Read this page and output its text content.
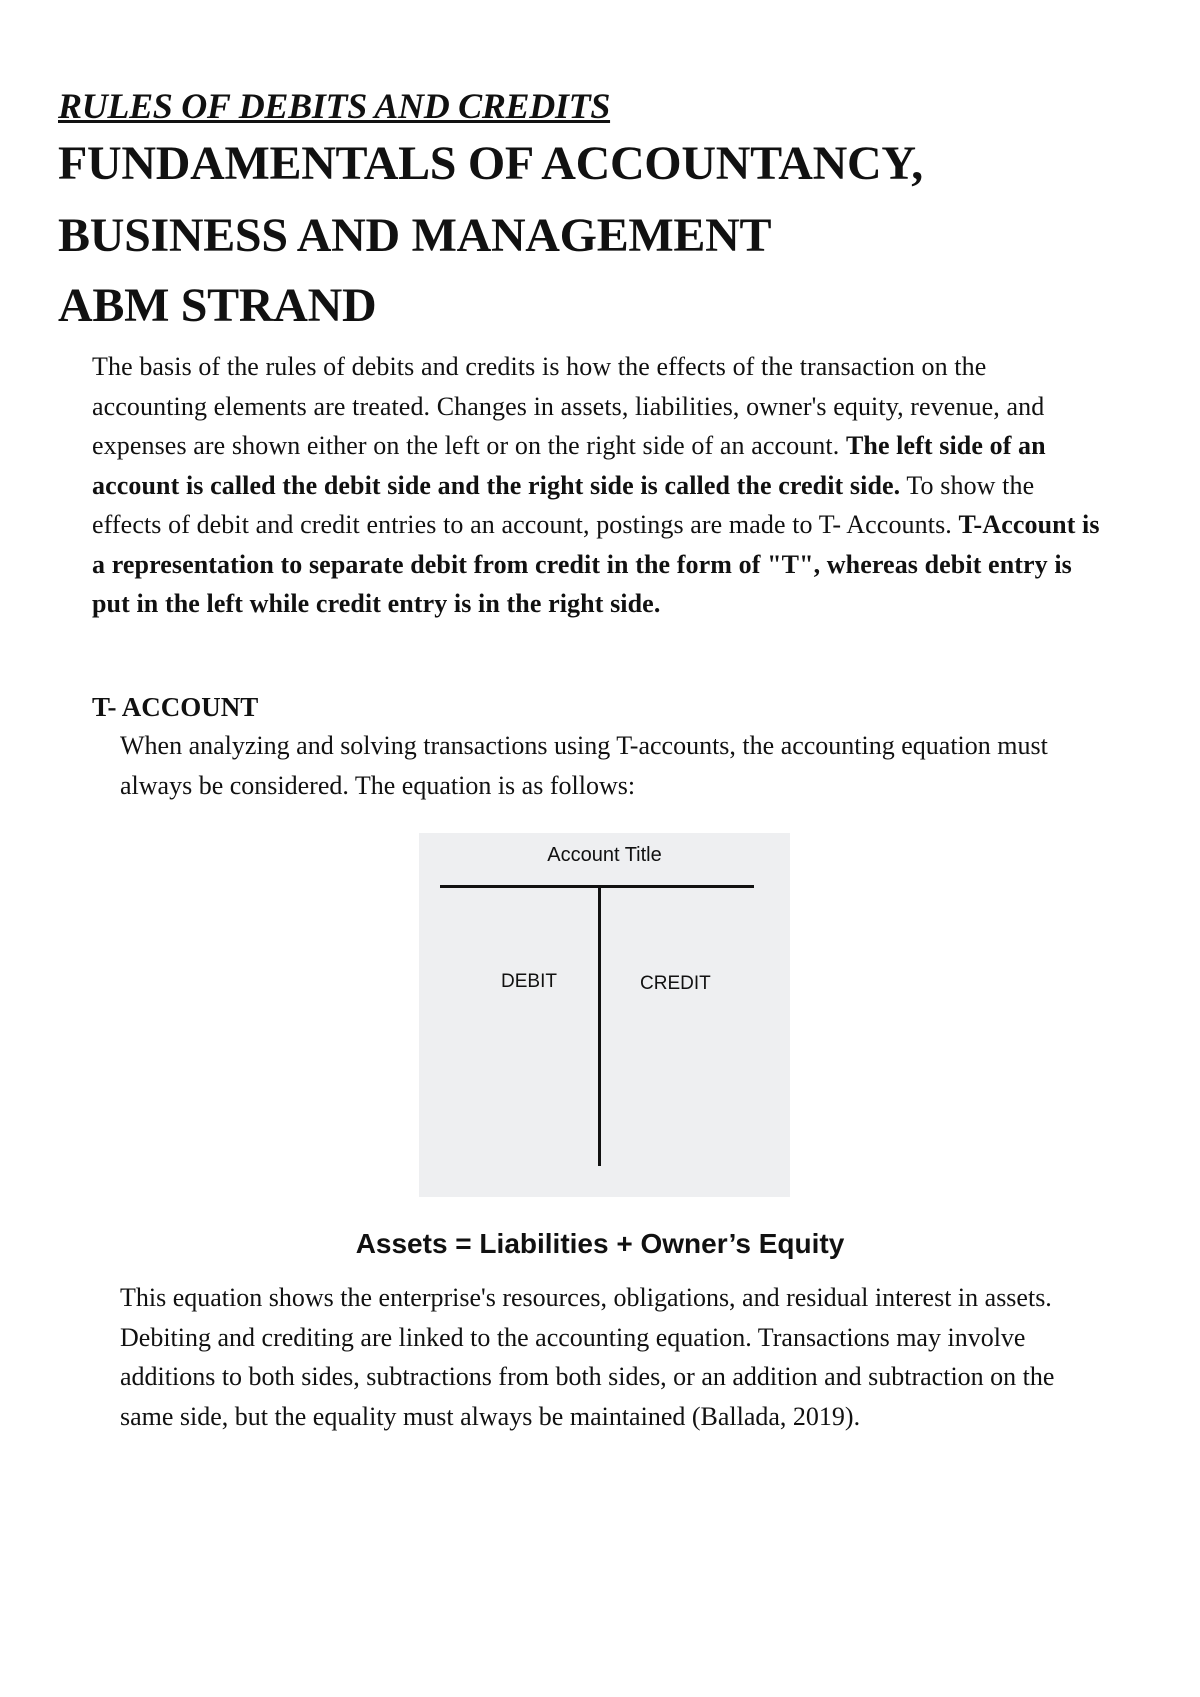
RULES OF DEBITS AND CREDITS
FUNDAMENTALS OF ACCOUNTANCY,
BUSINESS AND MANAGEMENT
ABM STRAND

The basis of the rules of debits and credits is how the effects of the transaction on the accounting elements are treated. Changes in assets, liabilities, owner's equity, revenue, and expenses are shown either on the left or on the right side of an account. The left side of an account is called the debit side and the right side is called the credit side. To show the effects of debit and credit entries to an account, postings are made to T- Accounts. T-Account is a representation to separate debit from credit in the form of "T", whereas debit entry is put in the left while credit entry is in the right side.

T- ACCOUNT

When analyzing and solving transactions using T-accounts, the accounting equation must always be considered. The equation is as follows:

Account Title
DEBIT	CREDIT

Assets = Liabilities + Owner’s Equity

This equation shows the enterprise's resources, obligations, and residual interest in assets. Debiting and crediting are linked to the accounting equation. Transactions may involve additions to both sides, subtractions from both sides, or an addition and subtraction on the same side, but the equality must always be maintained (Ballada, 2019).
